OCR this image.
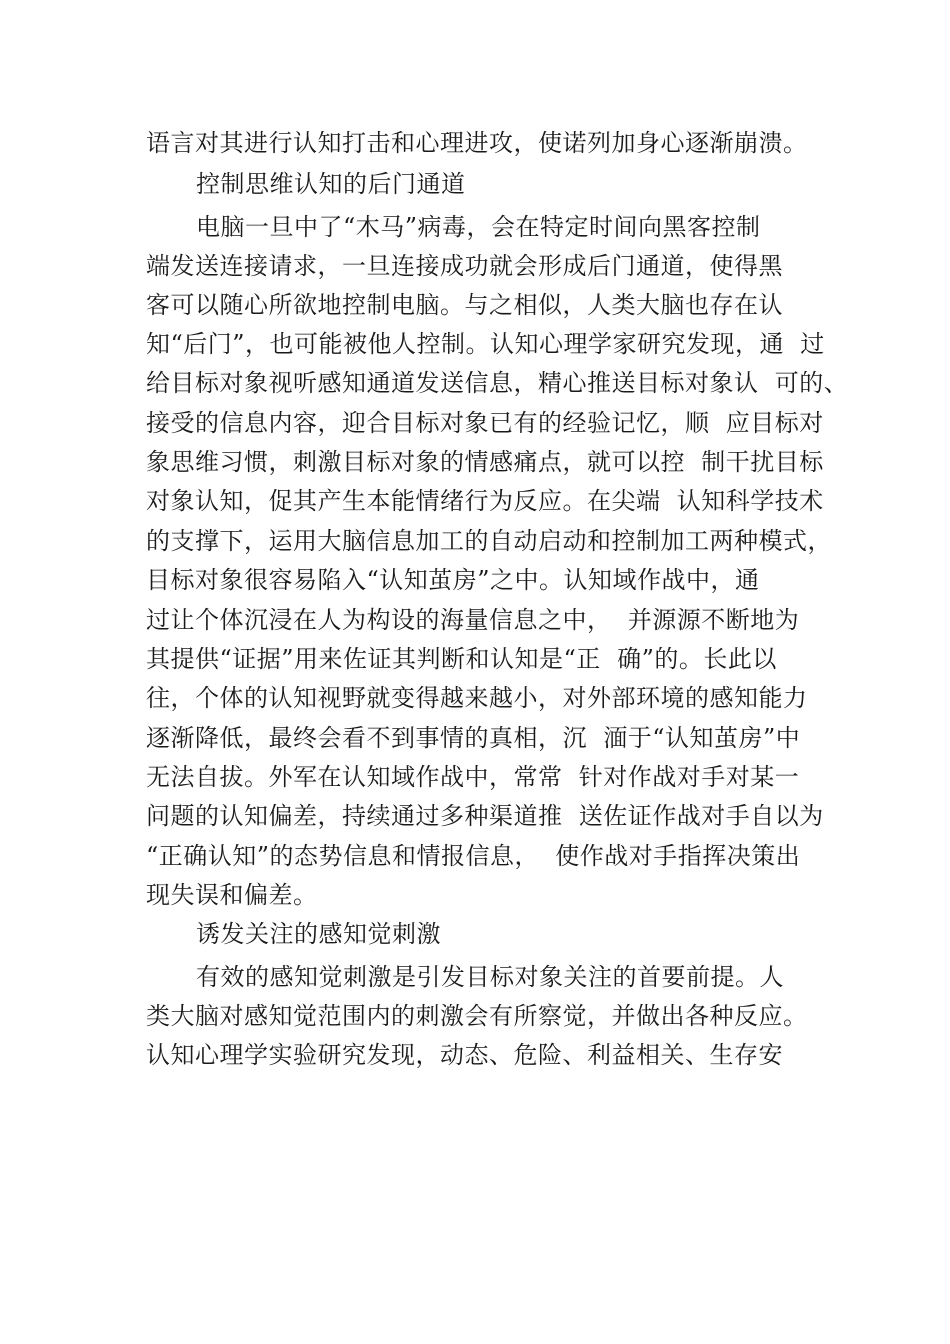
语言对其进行认知打击和心理进攻，使诺列加身心逐渐崩溃。
控制思维认知的后门通道
电脑一旦中了“木马”病毒，会在特定时间向黑客控制
端发送连接请求，一旦连接成功就会形成后门通道，使得黑
客可以随心所欲地控制电脑。与之相似，人类大脑也存在认
知“后门”，也可能被他人控制。认知心理学家研究发现，通  过
给目标对象视听感知通道发送信息，精心推送目标对象认  可的、
接受的信息内容，迎合目标对象已有的经验记忆，顺  应目标对
象思维习惯，刺激目标对象的情感痛点，就可以控  制干扰目标
对象认知，促其产生本能情绪行为反应。在尖端  认知科学技术
的支撑下，运用大脑信息加工的自动启动和控制加工两种模式，
目标对象很容易陷入“认知茧房”之中。认知域作战中，通
过让个体沉浸在人为构设的海量信息之中，  并源源不断地为
其提供“证据”用来佐证其判断和认知是“正  确”的。长此以
往，个体的认知视野就变得越来越小，对外部环境的感知能力
逐渐降低，最终会看不到事情的真相，沉  湎于“认知茧房”中
无法自拔。外军在认知域作战中，常常  针对作战对手对某一
问题的认知偏差，持续通过多种渠道推  送佐证作战对手自以为
“正确认知”的态势信息和情报信息，  使作战对手指挥决策出
现失误和偏差。
诱发关注的感知觉刺激
有效的感知觉刺激是引发目标对象关注的首要前提。人
类大脑对感知觉范围内的刺激会有所察觉，并做出各种反应。
认知心理学实验研究发现，动态、危险、利益相关、生存安
